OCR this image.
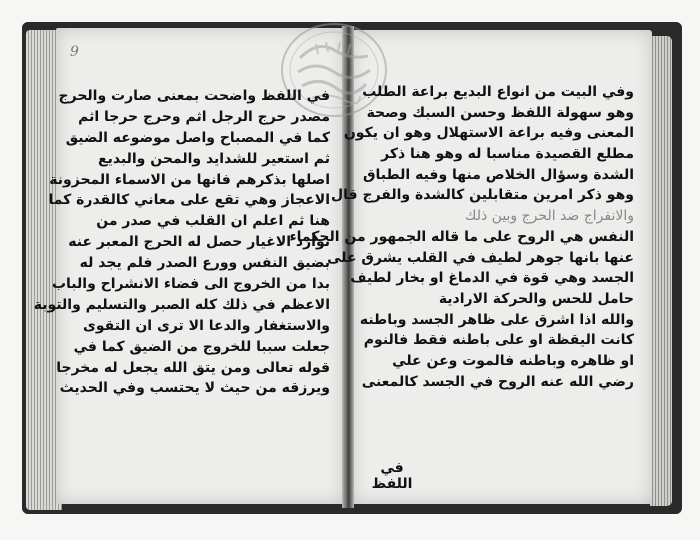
9
في اللفظ واضحت بمعنى صارت والحرج
مصدر حرج الرجل اثم وحرج حرجا اثم
كما في المصباح واصل موضوعه الضيق
ثم استعير للشدايد والمحن والبديع
اصلها بذكرهم فانها من الاسماء المحزونة
الاعجاز وهي تقع على معاني كالقدرة كما
هنا ثم اعلم ان القلب في صدر من
توارد الاغيار حصل له الحرج المعبر عنه
بضيق النفس وورع الصدر فلم يجد له
بدا من الخروج الى فضاء الانشراح والباب
الاعظم في ذلك كله الصبر والتسليم والتوبة
والاستغفار والدعا الا ترى ان التقوى
جعلت سببا للخروج من الضيق كما في
قوله تعالى ومن يتق الله يجعل له مخرجا
ويرزقه من حيث لا يحتسب وفي الحديث
وفي البيت من انواع البديع براعة الطلب
وهو سهولة اللفظ وحسن السبك وصحة
المعنى وفيه براعة الاستهلال وهو ان يكون
مطلع القصيدة مناسبا له وهو هنا ذكر
الشدة وسؤال الخلاص منها وفيه الطباق
وهو ذكر امرين متقابلين كالشدة والفرج قال
والانفراج ضد الحرج وبين ذلك
النفس هي الروح على ما قاله الجمهور من الحكماء
عنها بانها جوهر لطيف في القلب يشرق على
الجسد وهي قوة في الدماغ او بخار لطيف
حامل للحس والحركة الارادية
والله اذا اشرق على ظاهر الجسد وباطنه
كانت اليقظة او على باطنه فقط فالنوم
او ظاهره وباطنه فالموت وعن علي
رضي الله عنه الروح في الجسد كالمعنى
في اللفظ
